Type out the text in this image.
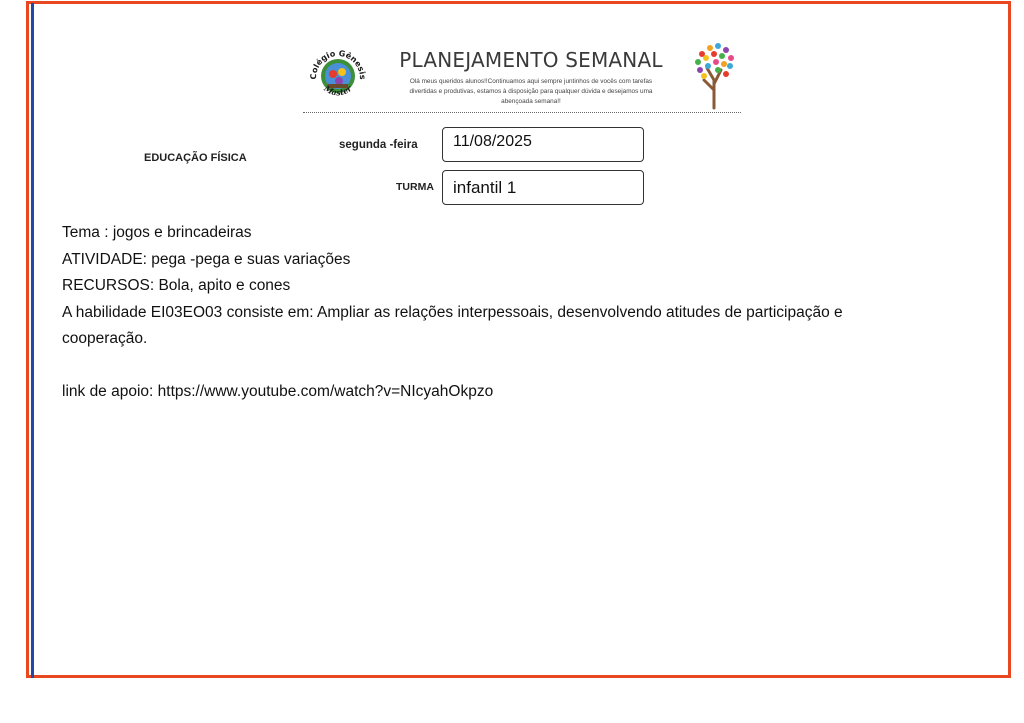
Colégio Gênesis
Master
PLANEJAMENTO SEMANAL
Olá meus queridos alunos!!Continuamos aqui sempre juntinhos de vocês com tarefas
divertidas e produtivas, estamos à disposição para qualquer dúvida e desejamos uma
abençoada semana!!
EDUCAÇÃO FÍSICA
segunda -feira	11/08/2025
TURMA	infantil 1

Tema : jogos e brincadeiras

ATIVIDADE: pega -pega e suas variações

RECURSOS: Bola, apito e cones

A habilidade EI03EO03 consiste em: Ampliar as relações interpessoais, desenvolvendo atitudes de participação e

cooperação.

link de apoio: https://www.youtube.com/watch?v=NIcyahOkpzo
